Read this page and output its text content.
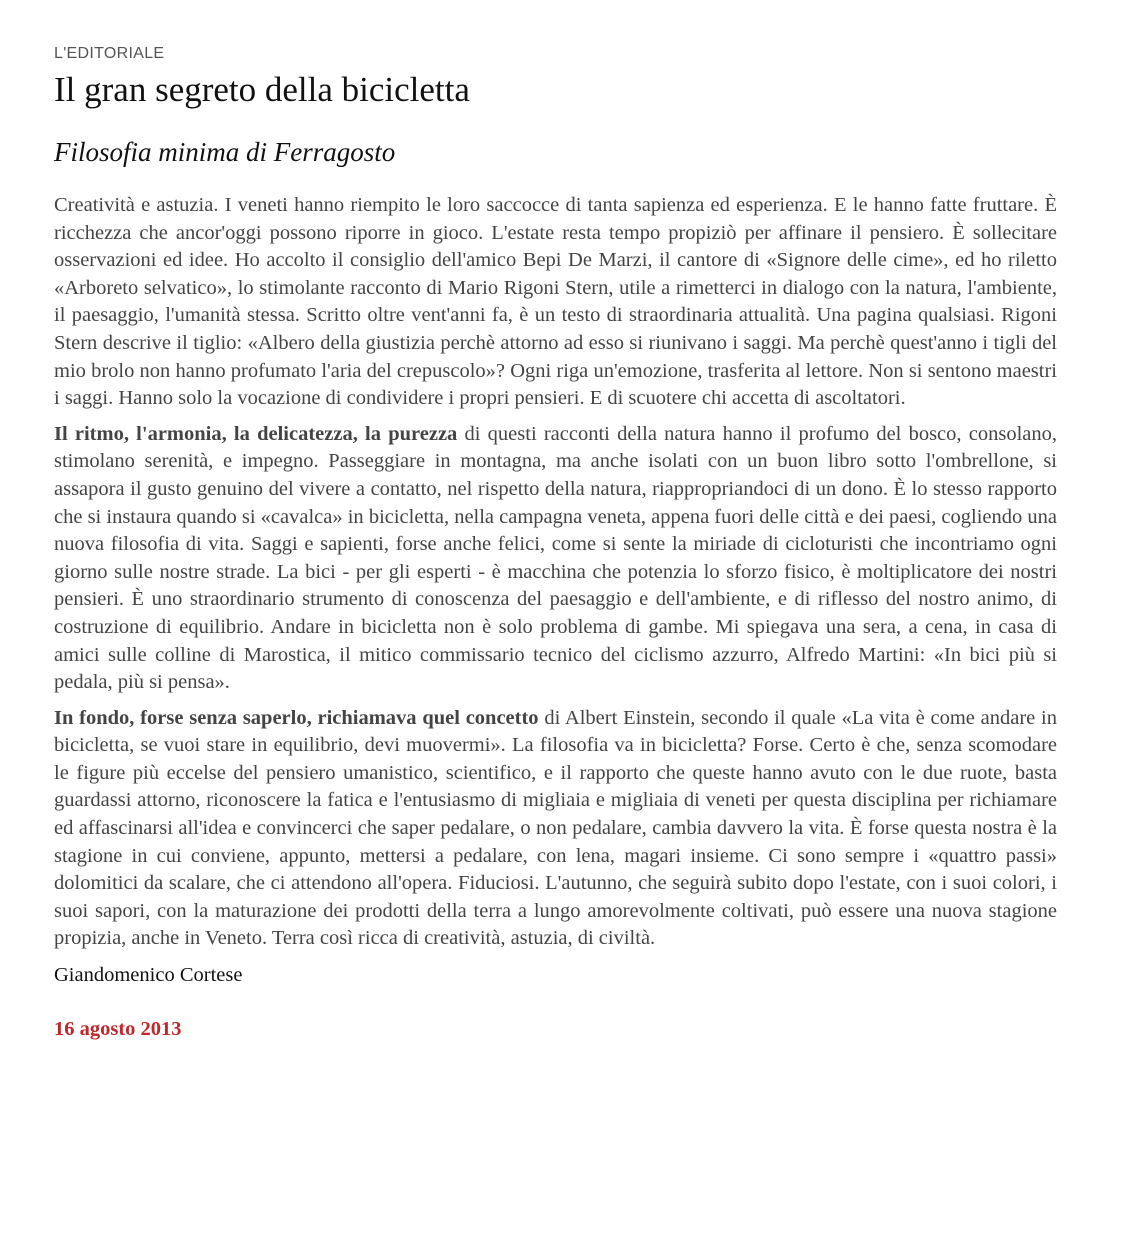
L'EDITORIALE

Il gran segreto della bicicletta
Filosofia minima di Ferragosto

Creatività e astuzia. I veneti hanno riempito le loro saccocce di tanta sapienza ed esperienza. E le hanno fatte fruttare. È ricchezza che ancor'oggi possono riporre in gioco. L'estate resta tempo propiziò per affinare il pensiero. È sollecitare osservazioni ed idee. Ho accolto il consiglio dell'amico Bepi De Marzi, il cantore di «Signore delle cime», ed ho riletto «Arboreto selvatico», lo stimolante racconto di Mario Rigoni Stern, utile a rimetterci in dialogo con la natura, l'ambiente, il paesaggio, l'umanità stessa. Scritto oltre vent'anni fa, è un testo di straordinaria attualità. Una pagina qualsiasi. Rigoni Stern descrive il tiglio: «Albero della giustizia perchè attorno ad esso si riunivano i saggi. Ma perchè quest'anno i tigli del mio brolo non hanno profumato l'aria del crepuscolo»? Ogni riga un'emozione, trasferita al lettore. Non si sentono maestri i saggi. Hanno solo la vocazione di condividere i propri pensieri. E di scuotere chi accetta di ascoltatori.

Il ritmo, l'armonia, la delicatezza, la purezza di questi racconti della natura hanno il profumo del bosco, consolano, stimolano serenità, e impegno. Passeggiare in montagna, ma anche isolati con un buon libro sotto l'ombrellone, si assapora il gusto genuino del vivere a contatto, nel rispetto della natura, riappropriandoci di un dono. È lo stesso rapporto che si instaura quando si «cavalca» in bicicletta, nella campagna veneta, appena fuori delle città e dei paesi, cogliendo una nuova filosofia di vita. Saggi e sapienti, forse anche felici, come si sente la miriade di cicloturisti che incontriamo ogni giorno sulle nostre strade. La bici - per gli esperti - è macchina che potenzia lo sforzo fisico, è moltiplicatore dei nostri pensieri. È uno straordinario strumento di conoscenza del paesaggio e dell'ambiente, e di riflesso del nostro animo, di costruzione di equilibrio. Andare in bicicletta non è solo problema di gambe. Mi spiegava una sera, a cena, in casa di amici sulle colline di Marostica, il mitico commissario tecnico del ciclismo azzurro, Alfredo Martini: «In bici più si pedala, più si pensa».

In fondo, forse senza saperlo, richiamava quel concetto di Albert Einstein, secondo il quale «La vita è come andare in bicicletta, se vuoi stare in equilibrio, devi muovermi». La filosofia va in bicicletta? Forse. Certo è che, senza scomodare le figure più eccelse del pensiero umanistico, scientifico, e il rapporto che queste hanno avuto con le due ruote, basta guardassi attorno, riconoscere la fatica e l'entusiasmo di migliaia e migliaia di veneti per questa disciplina per richiamare ed affascinarsi all'idea e convincerci che saper pedalare, o non pedalare, cambia davvero la vita. È forse questa nostra è la stagione in cui conviene, appunto, mettersi a pedalare, con lena, magari insieme. Ci sono sempre i «quattro passi» dolomitici da scalare, che ci attendono all'opera. Fiduciosi. L'autunno, che seguirà subito dopo l'estate, con i suoi colori, i suoi sapori, con la maturazione dei prodotti della terra a lungo amorevolmente coltivati, può essere una nuova stagione propizia, anche in Veneto. Terra così ricca di creatività, astuzia, di civiltà.

Giandomenico Cortese

16 agosto 2013
